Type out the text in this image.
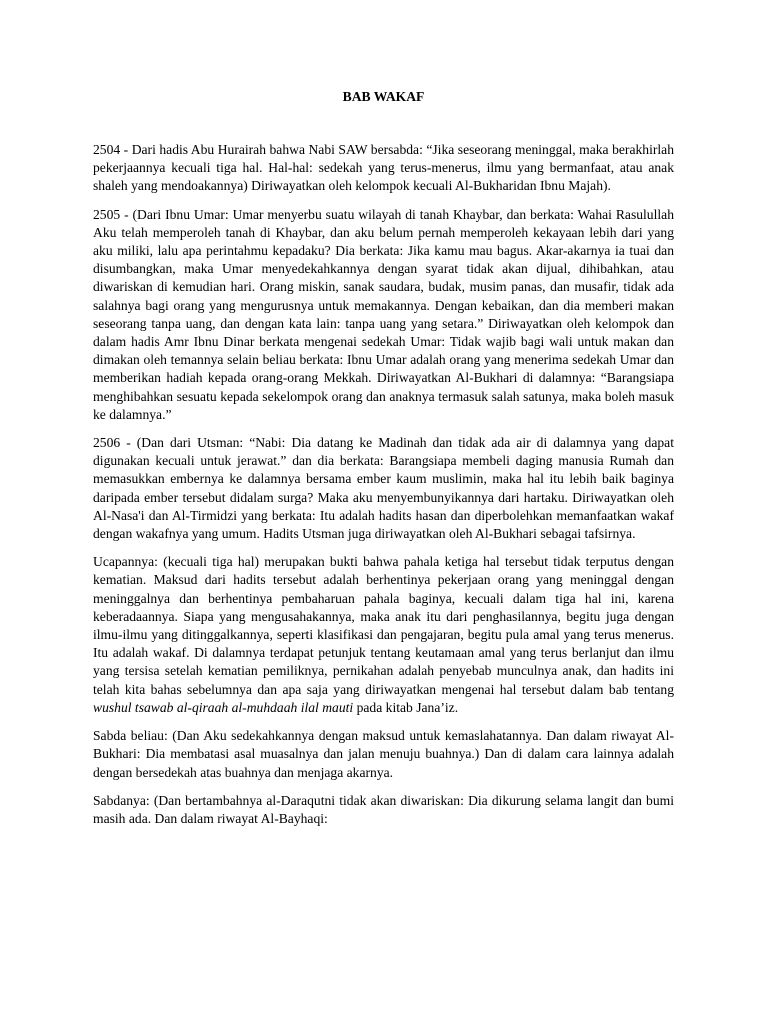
BAB WAKAF

2504 - Dari hadis Abu Hurairah bahwa Nabi SAW bersabda: “Jika seseorang meninggal, maka berakhirlah pekerjaannya kecuali tiga hal. Hal-hal: sedekah yang terus-menerus, ilmu yang bermanfaat, atau anak shaleh yang mendoakannya) Diriwayatkan oleh kelompok kecuali Al-Bukharidan Ibnu Majah).

2505 - (Dari Ibnu Umar: Umar menyerbu suatu wilayah di tanah Khaybar, dan berkata: Wahai Rasulullah Aku telah memperoleh tanah di Khaybar, dan aku belum pernah memperoleh kekayaan lebih dari yang aku miliki, lalu apa perintahmu kepadaku? Dia berkata: Jika kamu mau bagus. Akar-akarnya ia tuai dan disumbangkan, maka Umar menyedekahkannya dengan syarat tidak akan dijual, dihibahkan, atau diwariskan di kemudian hari. Orang miskin, sanak saudara, budak, musim panas, dan musafir, tidak ada salahnya bagi orang yang mengurusnya untuk memakannya. Dengan kebaikan, dan dia memberi makan seseorang tanpa uang, dan dengan kata lain: tanpa uang yang setara.” Diriwayatkan oleh kelompok dan dalam hadis Amr Ibnu Dinar berkata mengenai sedekah Umar: Tidak wajib bagi wali untuk makan dan dimakan oleh temannya selain beliau berkata: Ibnu Umar adalah orang yang menerima sedekah Umar dan memberikan hadiah kepada orang-orang Mekkah. Diriwayatkan Al-Bukhari di dalamnya: “Barangsiapa menghibahkan sesuatu kepada sekelompok orang dan anaknya termasuk salah satunya, maka boleh masuk ke dalamnya.”

2506 - (Dan dari Utsman: “Nabi: Dia datang ke Madinah dan tidak ada air di dalamnya yang dapat digunakan kecuali untuk jerawat.” dan dia berkata: Barangsiapa membeli daging manusia Rumah dan memasukkan embernya ke dalamnya bersama ember kaum muslimin, maka hal itu lebih baik baginya daripada ember tersebut didalam surga? Maka aku menyembunyikannya dari hartaku. Diriwayatkan oleh Al-Nasa'i dan Al-Tirmidzi yang berkata: Itu adalah hadits hasan dan diperbolehkan memanfaatkan wakaf dengan wakafnya yang umum. Hadits Utsman juga diriwayatkan oleh Al-Bukhari sebagai tafsirnya.

Ucapannya: (kecuali tiga hal) merupakan bukti bahwa pahala ketiga hal tersebut tidak terputus dengan kematian. Maksud dari hadits tersebut adalah berhentinya pekerjaan orang yang meninggal dengan meninggalnya dan berhentinya pembaharuan pahala baginya, kecuali dalam tiga hal ini, karena keberadaannya. Siapa yang mengusahakannya, maka anak itu dari penghasilannya, begitu juga dengan ilmu-ilmu yang ditinggalkannya, seperti klasifikasi dan pengajaran, begitu pula amal yang terus menerus. Itu adalah wakaf. Di dalamnya terdapat petunjuk tentang keutamaan amal yang terus berlanjut dan ilmu yang tersisa setelah kematian pemiliknya, pernikahan adalah penyebab munculnya anak, dan hadits ini telah kita bahas sebelumnya dan apa saja yang diriwayatkan mengenai hal tersebut dalam bab tentang wushul tsawab al-qiraah al-muhdaah ilal mauti pada kitab Jana’iz.

Sabda beliau: (Dan Aku sedekahkannya dengan maksud untuk kemaslahatannya. Dan dalam riwayat Al-Bukhari: Dia membatasi asal muasalnya dan jalan menuju buahnya.) Dan di dalam cara lainnya adalah dengan bersedekah atas buahnya dan menjaga akarnya.

Sabdanya: (Dan bertambahnya al-Daraqutni tidak akan diwariskan: Dia dikurung selama langit dan bumi masih ada. Dan dalam riwayat Al-Bayhaqi:
